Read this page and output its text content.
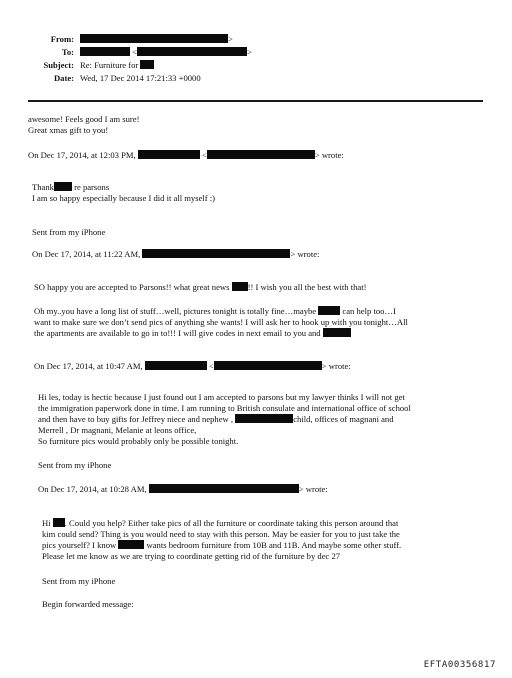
From:	>
To:	<	>
Subject: Re: Furniture for
Date: Wed, 17 Dec 2014 17:21:33 +0000
awesome! Feels good I am sure!
Great xmas gift to you!
On Dec 17, 2014, at 12:03 PM,	<	> wrote:
Thank re parsons
I am so happy especially because I did it all myself :)
Sent from my iPhone
On Dec 17, 2014, at 11:22 AM,	> wrote:
SO happy you are accepted to Parsons!! what great news !! I wish you all the best with that!
Oh my..you have a long list of stuff…well, pictures tonight is totally fine…maybe	can help too…I
want to make sure we don’t send pics of anything she wants! I will ask her to hook up with you tonight…All
the apartments are available to go in to!!! I will give codes in next email to you and
On Dec 17, 2014, at 10:47 AM,	<	> wrote:
Hi les, today is hectic because I just found out I am accepted to parsons but my lawyer thinks I will not get
the immigration paperwork done in time. I am running to British consulate and international office of school
and then have to buy gifts for Jeffrey niece and nephew ,	child, offices of magnani and
Merrell , Dr magnani, Melanie at leons office,
So furniture pics would probably only be possible tonight.
Sent from my iPhone
On Dec 17, 2014, at 10:28 AM,	> wrote:
Hi . Could you help? Either take pics of all the furniture or coordinate taking this person around that
kim could send? Thing is you would need to stay with this person. May be easier for you to just take the
pics yourself? I know	wants bedroom furniture from 10B and 11B. And maybe some other stuff.
Please let me know as we are trying to coordinate getting rid of the furniture by dec 27
Sent from my iPhone
Begin forwarded message:
EFTA00356817
